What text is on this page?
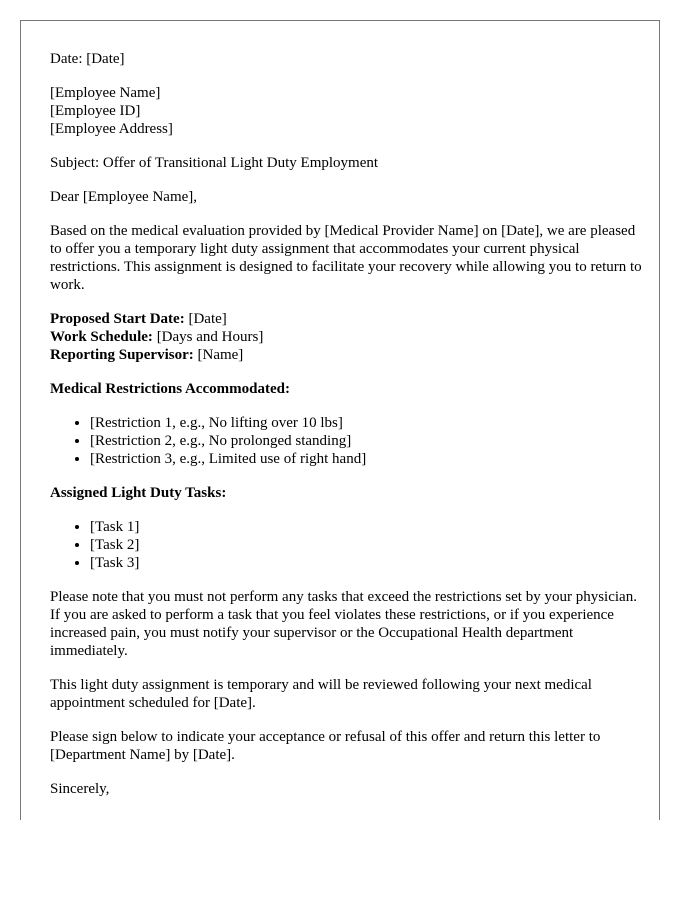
Date: [Date]

[Employee Name]
[Employee ID]
[Employee Address]

Subject: Offer of Transitional Light Duty Employment

Dear [Employee Name],

Based on the medical evaluation provided by [Medical Provider Name] on [Date], we are pleased to offer you a temporary light duty assignment that accommodates your current physical restrictions. This assignment is designed to facilitate your recovery while allowing you to return to work.

Proposed Start Date: [Date]
Work Schedule: [Days and Hours]
Reporting Supervisor: [Name]

Medical Restrictions Accommodated:

• [Restriction 1, e.g., No lifting over 10 lbs]
• [Restriction 2, e.g., No prolonged standing]
• [Restriction 3, e.g., Limited use of right hand]

Assigned Light Duty Tasks:

• [Task 1]
• [Task 2]
• [Task 3]

Please note that you must not perform any tasks that exceed the restrictions set by your physician. If you are asked to perform a task that you feel violates these restrictions, or if you experience increased pain, you must notify your supervisor or the Occupational Health department immediately.

This light duty assignment is temporary and will be reviewed following your next medical appointment scheduled for [Date].

Please sign below to indicate your acceptance or refusal of this offer and return this letter to [Department Name] by [Date].

Sincerely,
